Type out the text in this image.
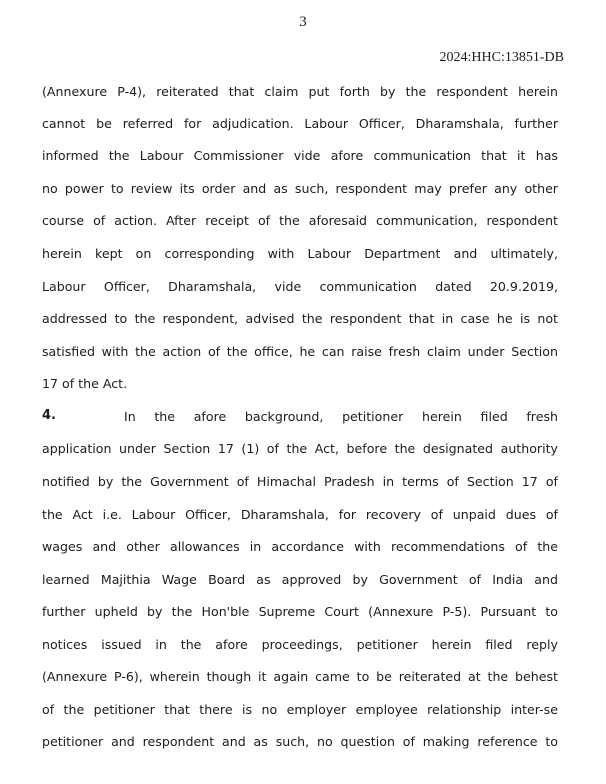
3
2024:HHC:13851-DB
(Annexure P-4), reiterated that claim put forth by the respondent herein
cannot be referred for adjudication. Labour Officer, Dharamshala, further
informed the Labour Commissioner vide afore communication that it has
no power to review its order and as such, respondent may prefer any other
course of action. After receipt of the aforesaid communication, respondent
herein kept on corresponding with Labour Department and ultimately,
Labour Officer, Dharamshala, vide communication dated 20.9.2019,
addressed to the respondent, advised the respondent that in case he is not
satisfied with the action of the office, he can raise fresh claim under Section
17 of the Act.
4.	In the afore background, petitioner herein filed fresh
application under Section 17 (1) of the Act, before the designated authority
notified by the Government of Himachal Pradesh in terms of Section 17 of
the Act i.e. Labour Officer, Dharamshala, for recovery of unpaid dues of
wages and other allowances in accordance with recommendations of the
learned Majithia Wage Board as approved by Government of India and
further upheld by the Hon'ble Supreme Court (Annexure P-5). Pursuant to
notices issued in the afore proceedings, petitioner herein filed reply
(Annexure P-6), wherein though it again came to be reiterated at the behest
of the petitioner that there is no employer employee relationship inter-se
petitioner and respondent and as such, no question of making reference to
